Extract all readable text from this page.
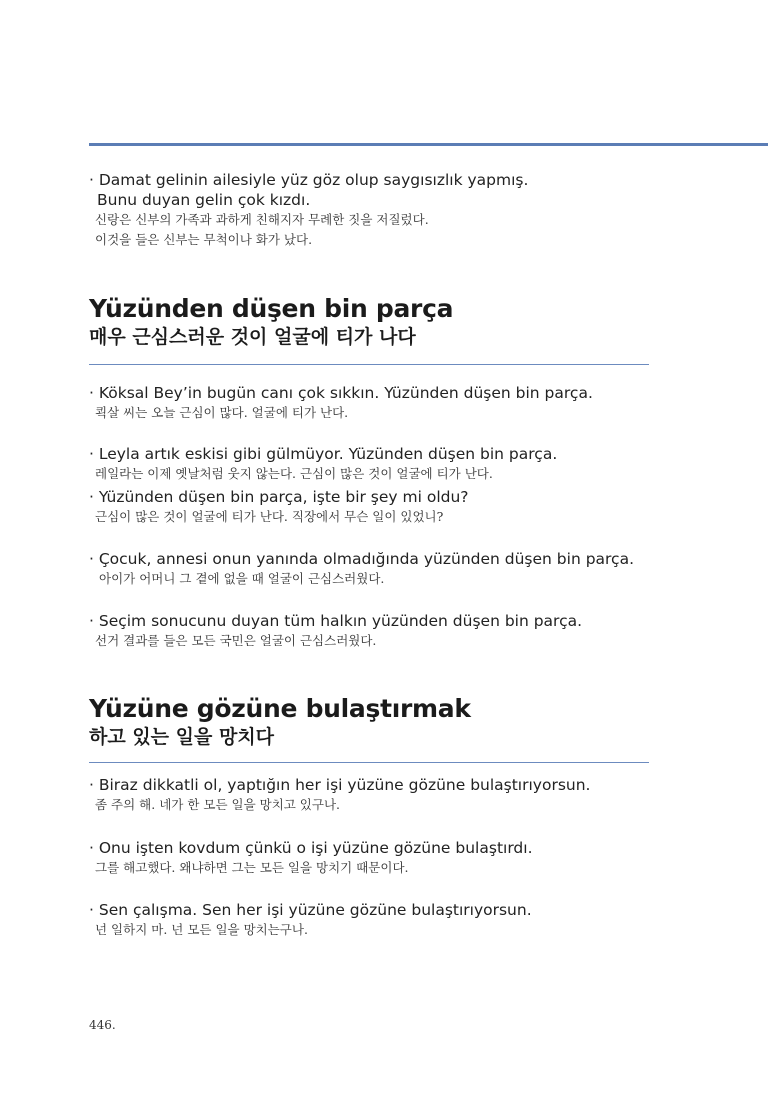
· Damat gelinin ailesiyle yüz göz olup saygısızlık yapmış.
Bunu duyan gelin çok kızdı.
신랑은 신부의 가족과 과하게 친해지자 무례한 짓을 저질렀다.
이것을 들은 신부는 무척이나 화가 났다.
Yüzünden düşen bin parça
매우 근심스러운 것이 얼굴에 티가 나다
· Köksal Bey’in bugün canı çok sıkkın. Yüzünden düşen bin parça.
쾩살 씨는 오늘 근심이 많다. 얼굴에 티가 난다.
· Leyla artık eskisi gibi gülmüyor. Yüzünden düşen bin parça.
레일라는 이제 옛날처럼 웃지 않는다. 근심이 많은 것이 얼굴에 티가 난다.
· Yüzünden düşen bin parça, işte bir şey mi oldu?
근심이 많은 것이 얼굴에 티가 난다. 직장에서 무슨 일이 있었니?
· Çocuk, annesi onun yanında olmadığında yüzünden düşen bin parça.
아이가 어머니 그 곁에 없을 때 얼굴이 근심스러웠다.
· Seçim sonucunu duyan tüm halkın yüzünden düşen bin parça.
선거 결과를 들은 모든 국민은 얼굴이 근심스러웠다.
Yüzüne gözüne bulaştırmak
하고 있는 일을 망치다
· Biraz dikkatli ol, yaptığın her işi yüzüne gözüne bulaştırıyorsun.
좀 주의 해. 네가 한 모든 일을 망치고 있구나.
· Onu işten kovdum çünkü o işi yüzüne gözüne bulaştırdı.
그를 해고했다. 왜냐하면 그는 모든 일을 망치기 때문이다.
· Sen çalışma. Sen her işi yüzüne gözüne bulaştırıyorsun.
넌 일하지 마. 넌 모든 일을 망치는구나.
446.
